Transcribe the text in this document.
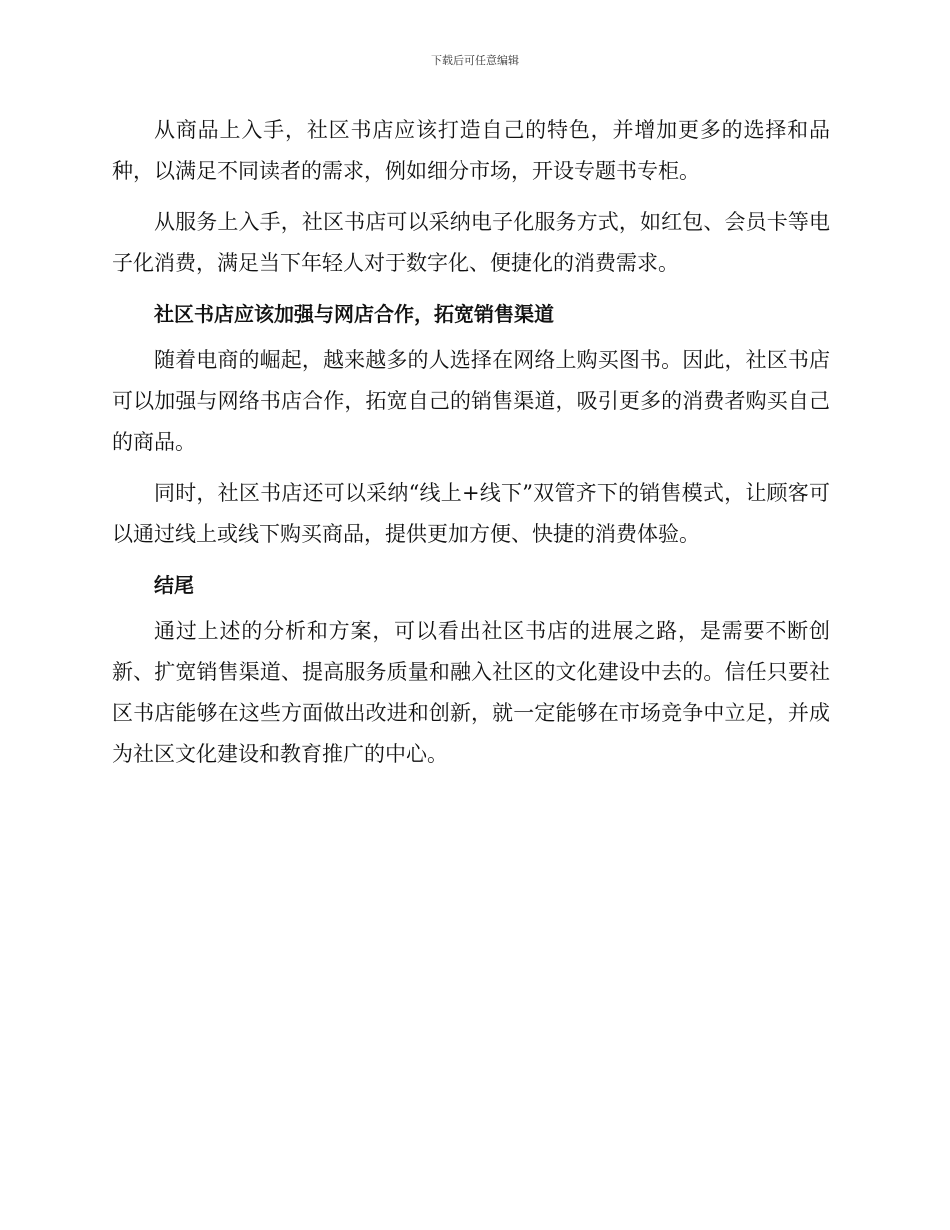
下载后可任意编辑

从商品上入手，社区书店应该打造自己的特色，并增加更多的选择和品种，以满足不同读者的需求，例如细分市场，开设专题书专柜。

从服务上入手，社区书店可以采纳电子化服务方式，如红包、会员卡等电子化消费，满足当下年轻人对于数字化、便捷化的消费需求。

社区书店应该加强与网店合作，拓宽销售渠道

随着电商的崛起，越来越多的人选择在网络上购买图书。因此，社区书店可以加强与网络书店合作，拓宽自己的销售渠道，吸引更多的消费者购买自己的商品。

同时，社区书店还可以采纳“线上+线下”双管齐下的销售模式，让顾客可以通过线上或线下购买商品，提供更加方便、快捷的消费体验。

结尾

通过上述的分析和方案，可以看出社区书店的进展之路，是需要不断创新、扩宽销售渠道、提高服务质量和融入社区的文化建设中去的。信任只要社区书店能够在这些方面做出改进和创新，就一定能够在市场竞争中立足，并成为社区文化建设和教育推广的中心。
